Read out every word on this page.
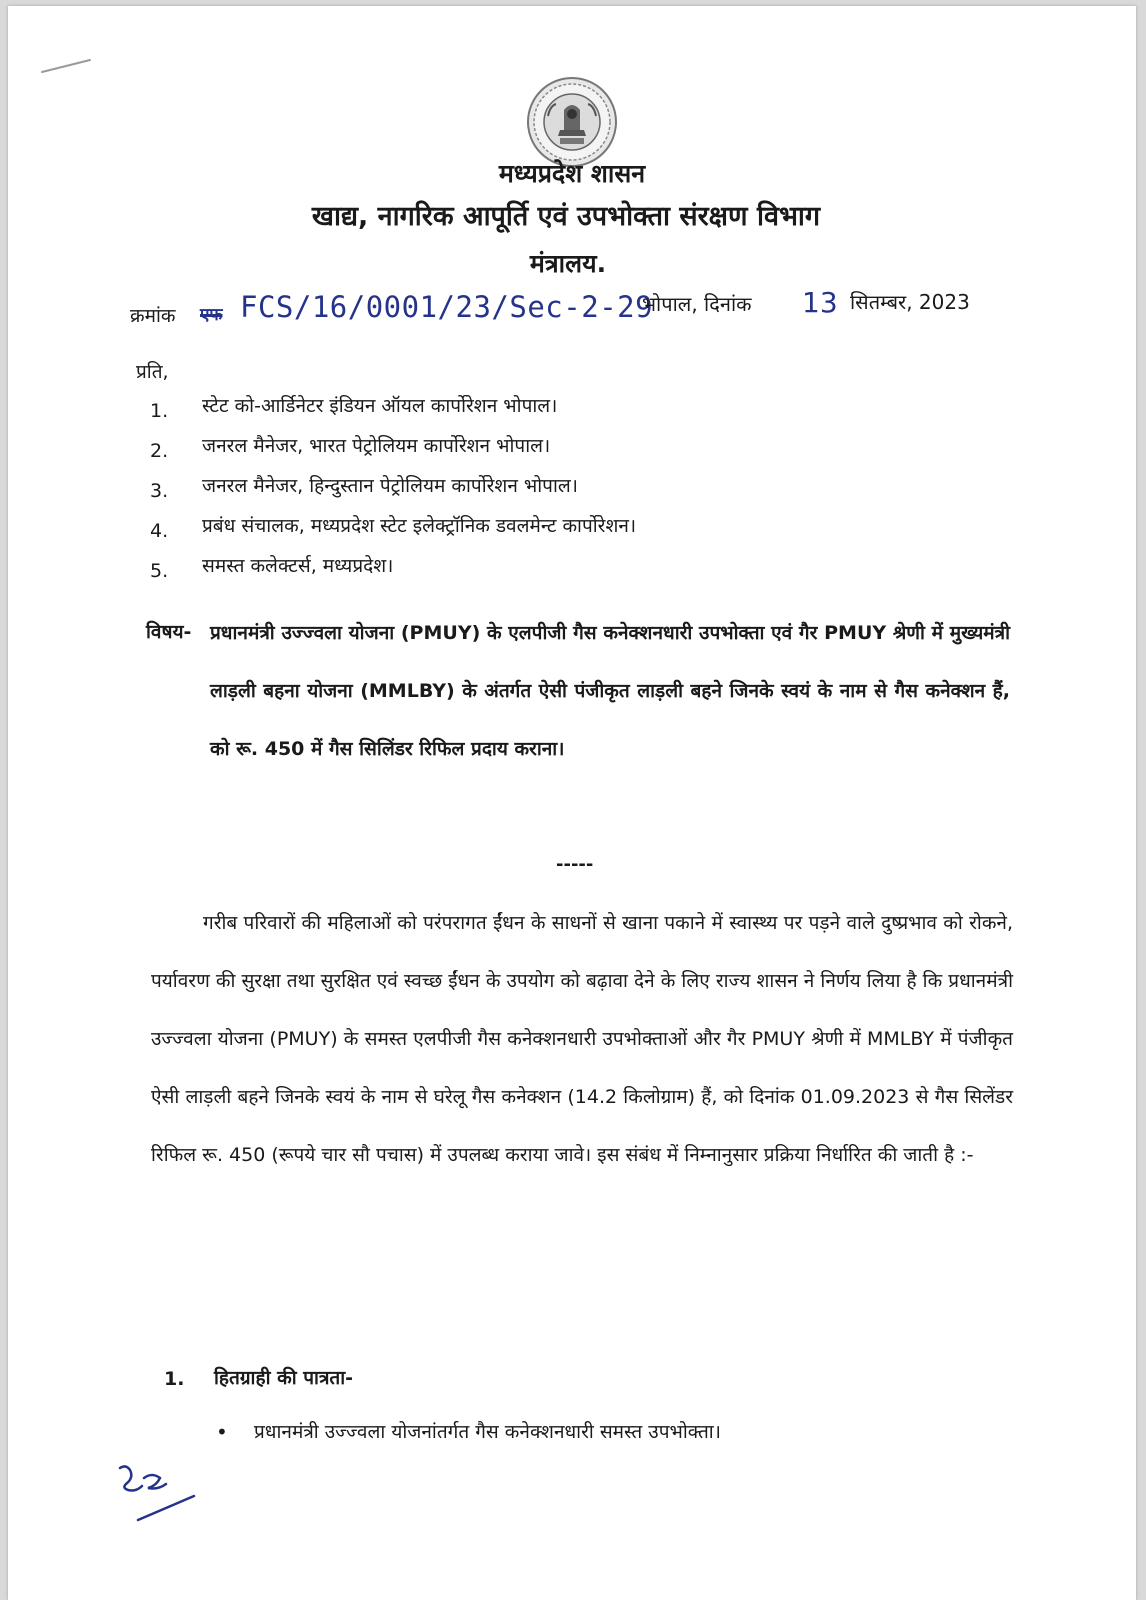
मध्यप्रदेश शासन

खाद्य, नागरिक आपूर्ति एवं उपभोक्ता संरक्षण विभाग

मंत्रालय.

क्रमांक एफ FCS/16/0001/23/Sec-2-29
भोपाल, दिनांक 13 सितम्बर, 2023
प्रति,
1.	स्टेट को-आर्डिनेटर इंडियन ऑयल कार्पोरेशन भोपाल।
2.	जनरल मैनेजर, भारत पेट्रोलियम कार्पोरेशन भोपाल।
3.	जनरल मैनेजर, हिन्दुस्तान पेट्रोलियम कार्पोरेशन भोपाल।
4.	प्रबंध संचालक, मध्यप्रदेश स्टेट इलेक्ट्रॉनिक डवलमेन्ट कार्पोरेशन।
5.	समस्त कलेक्टर्स, मध्यप्रदेश।
विषय- प्रधानमंत्री उज्ज्वला योजना (PMUY) के एलपीजी गैस कनेक्शनधारी उपभोक्ता एवं गैर PMUY श्रेणी में मुख्यमंत्री लाड़ली बहना योजना (MMLBY) के अंतर्गत ऐसी पंजीकृत लाड़ली बहने जिनके स्वयं के नाम से गैस कनेक्शन हैं, को रू. 450 में गैस सिलिंडर रिफिल प्रदाय कराना।
-----

गरीब परिवारों की महिलाओं को परंपरागत ईंधन के साधनों से खाना पकाने में स्वास्थ्य पर पड़ने वाले दुष्प्रभाव को रोकने, पर्यावरण की सुरक्षा तथा सुरक्षित एवं स्वच्छ ईंधन के उपयोग को बढ़ावा देने के लिए राज्य शासन ने निर्णय लिया है कि प्रधानमंत्री उज्ज्वला योजना (PMUY) के समस्त एलपीजी गैस कनेक्शनधारी उपभोक्ताओं और गैर PMUY श्रेणी में MMLBY में पंजीकृत ऐसी लाड़ली बहने जिनके स्वयं के नाम से घरेलू गैस कनेक्शन (14.2 किलोग्राम) हैं, को दिनांक 01.09.2023 से गैस सिलेंडर रिफिल रू. 450 (रूपये चार सौ पचास) में उपलब्ध कराया जावे। इस संबंध में निम्नानुसार प्रक्रिया निर्धारित की जाती है :-

1. हितग्राही की पात्रता-
• प्रधानमंत्री उज्ज्वला योजनांतर्गत गैस कनेक्शनधारी समस्त उपभोक्ता।
